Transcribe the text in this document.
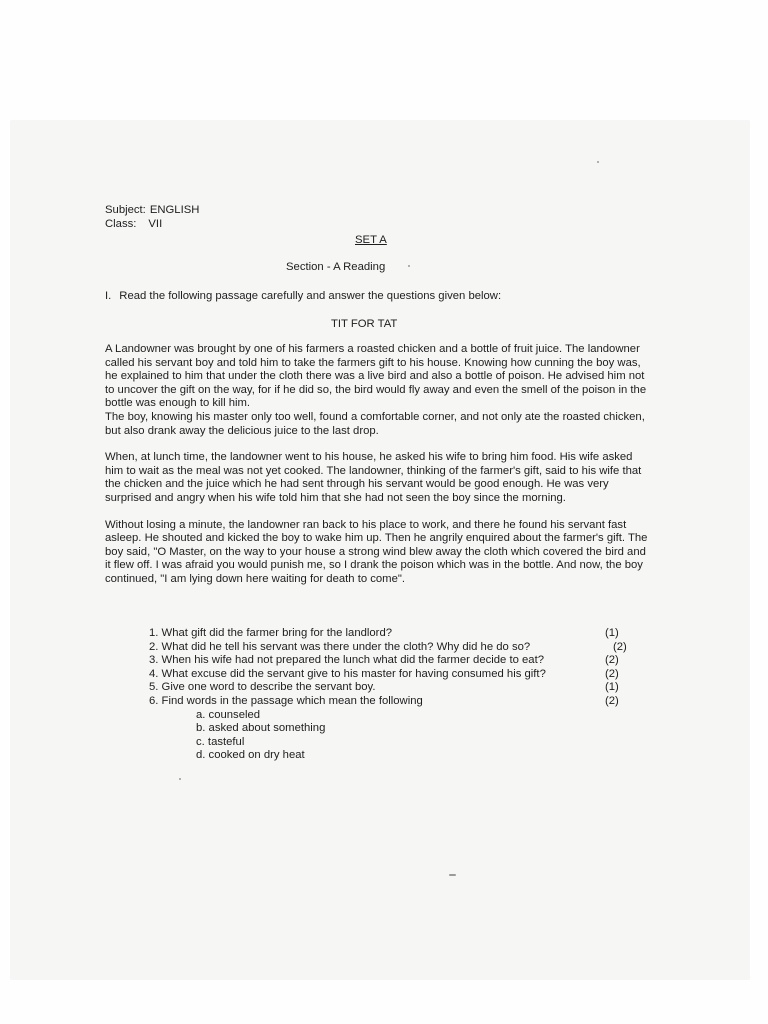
Subject: ENGLISH

Class: VII

SET A
Section - A Reading
I. Read the following passage carefully and answer the questions given below:
TIT FOR TAT

A Landowner was brought by one of his farmers a roasted chicken and a bottle of fruit juice. The landowner called his servant boy and told him to take the farmers gift to his house. Knowing how cunning the boy was, he explained to him that under the cloth there was a live bird and also a bottle of poison. He advised him not to uncover the gift on the way, for if he did so, the bird would fly away and even the smell of the poison in the bottle was enough to kill him.

The boy, knowing his master only too well, found a comfortable corner, and not only ate the roasted chicken, but also drank away the delicious juice to the last drop.

When, at lunch time, the landowner went to his house, he asked his wife to bring him food. His wife asked him to wait as the meal was not yet cooked. The landowner, thinking of the farmer's gift, said to his wife that the chicken and the juice which he had sent through his servant would be good enough. He was very surprised and angry when his wife told him that she had not seen the boy since the morning.

Without losing a minute, the landowner ran back to his place to work, and there he found his servant fast asleep. He shouted and kicked the boy to wake him up. Then he angrily enquired about the farmer's gift. The boy said, "O Master, on the way to your house a strong wind blew away the cloth which covered the bird and it flew off. I was afraid you would punish me, so I drank the poison which was in the bottle. And now, the boy continued, "I am lying down here waiting for death to come".

1. What gift did the farmer bring for the landlord?	(1)
2. What did he tell his servant was there under the cloth? Why did he do so?	(2)
3. When his wife had not prepared the lunch what did the farmer decide to eat?	(2)
4. What excuse did the servant give to his master for having consumed his gift?	(2)
5. Give one word to describe the servant boy.	(1)
6. Find words in the passage which mean the following	(2)
a. counseled
b. asked about something
c. tasteful
d. cooked on dry heat
